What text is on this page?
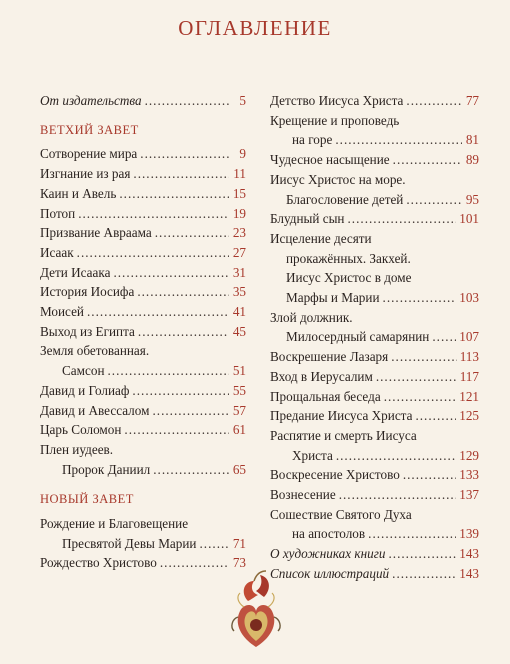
ОГЛАВЛЕНИЕ
От издательства .....	5
ВЕТХИЙ ЗАВЕТ
Сотворение мира .....	9
Изгнание из рая .....	11
Каин и Авель .....	15
Потоп .....	19
Призвание Авраама .....	23
Исаак .....	27
Дети Исаака .....	31
История Иосифа .....	35
Моисей .....	41
Выход из Египта .....	45
Земля обетованная.
Самсон .....	51
Давид и Голиаф .....	55
Давид и Авессалом .....	57
Царь Соломон .....	61
Плен иудеев.
Пророк Даниил .....	65
НОВЫЙ ЗАВЕТ
Рождение и Благовещение
Пресвятой Девы Марии .....	71
Рождество Христово .....	73
Детство Иисуса Христа .....	77
Крещение и проповедь
на горе .....	81
Чудесное насыщение .....	89
Иисус Христос на море.
Благословение детей .....	95
Блудный сын .....	101
Исцеление десяти
прокажённых. Закхей.
Иисус Христос в доме
Марфы и Марии .....	103
Злой должник.
Милосердный самарянин ..... 107
Воскрешение Лазаря .....	113
Вход в Иерусалим .....	117
Прощальная беседа .....	121
Предание Иисуса Христа .....	125
Распятие и смерть Иисуса
Христа .....	129
Воскресение Христово .....	133
Вознесение .....	137
Сошествие Святого Духа
на апостолов .....	139
О художниках книги .....	143
Список иллюстраций .....	143
